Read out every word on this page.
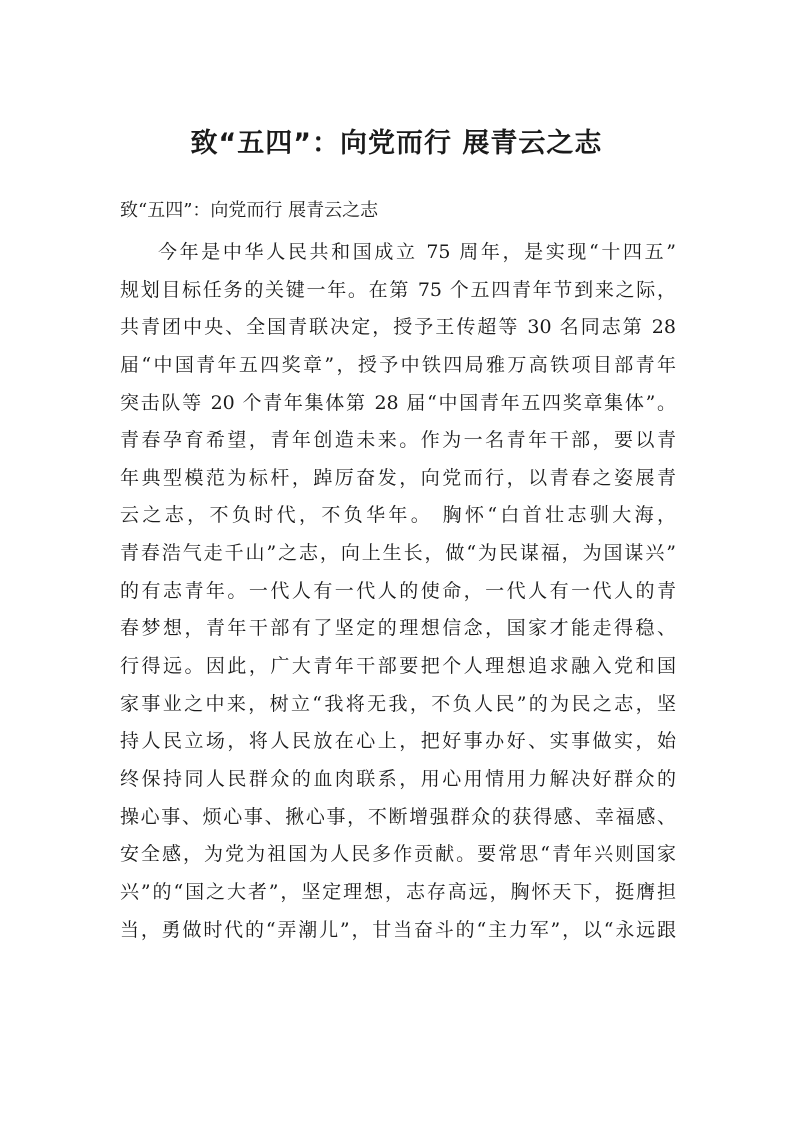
致“五四”：向党而行 展青云之志

致“五四”：向党而行 展青云之志

今年是中华人民共和国成立 75 周年，是实现“十四五”
规划目标任务的关键一年。在第 75 个五四青年节到来之际，
共青团中央、全国青联决定，授予王传超等 30 名同志第 28
届“中国青年五四奖章”，授予中铁四局雅万高铁项目部青年
突击队等 20 个青年集体第 28 届“中国青年五四奖章集体”。
青春孕育希望，青年创造未来。作为一名青年干部，要以青
年典型模范为标杆，踔厉奋发，向党而行，以青春之姿展青
云之志，不负时代，不负华年。 胸怀“白首壮志驯大海，
青春浩气走千山”之志，向上生长，做“为民谋福，为国谋兴”
的有志青年。一代人有一代人的使命，一代人有一代人的青
春梦想，青年干部有了坚定的理想信念，国家才能走得稳、
行得远。因此，广大青年干部要把个人理想追求融入党和国
家事业之中来，树立“我将无我，不负人民”的为民之志，坚
持人民立场，将人民放在心上，把好事办好、实事做实，始
终保持同人民群众的血肉联系，用心用情用力解决好群众的
操心事、烦心事、揪心事，不断增强群众的获得感、幸福感、
安全感，为党为祖国为人民多作贡献。要常思“青年兴则国家
兴”的“国之大者”，坚定理想，志存高远，胸怀天下，挺膺担
当，勇做时代的“弄潮儿”，甘当奋斗的“主力军”，以“永远跟
